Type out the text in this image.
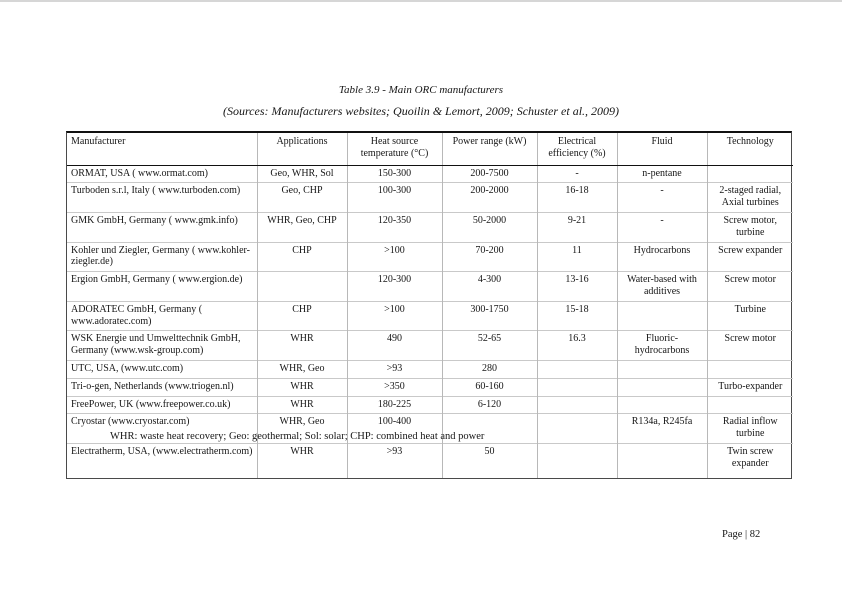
Table 3.9 - Main ORC manufacturers
(Sources: Manufacturers websites; Quoilin & Lemort, 2009; Schuster et al., 2009)
Manufacturer	Applications	Heat source temperature (°C)	Power range (kW)	Electrical efficiency (%)	Fluid	Technology
ORMAT, USA ( www.ormat.com)	Geo, WHR, Sol	150-300	200-7500	-	n-pentane	
Turboden s.r.l, Italy ( www.turboden.com)	Geo, CHP	100-300	200-2000	16-18	-	2-staged radial, Axial turbines
GMK GmbH, Germany ( www.gmk.info)	WHR, Geo, CHP	120-350	50-2000	9-21	-	Screw motor, turbine
Kohler und Ziegler, Germany ( www.kohler-ziegler.de)	CHP	>100	70-200	11	Hydrocarbons	Screw expander
Ergion GmbH, Germany ( www.ergion.de)		120-300	4-300	13-16	Water-based with additives	Screw motor
ADORATEC GmbH, Germany ( www.adoratec.com)	CHP	>100	300-1750	15-18		Turbine
WSK Energie und Umwelttechnik GmbH, Germany (www.wsk-group.com)	WHR	490	52-65	16.3	Fluoric-hydrocarbons	Screw motor
UTC, USA, (www.utc.com)	WHR, Geo	>93	280			
Tri-o-gen, Netherlands (www.triogen.nl)	WHR	>350	60-160			Turbo-expander
FreePower, UK (www.freepower.co.uk)	WHR	180-225	6-120			
Cryostar (www.cryostar.com)	WHR, Geo	100-400			R134a, R245fa	Radial inflow turbine
Electratherm, USA, (www.electratherm.com)	WHR	>93	50			Twin screw expander
WHR: waste heat recovery; Geo: geothermal; Sol: solar; CHP: combined heat and power
Page | 82
